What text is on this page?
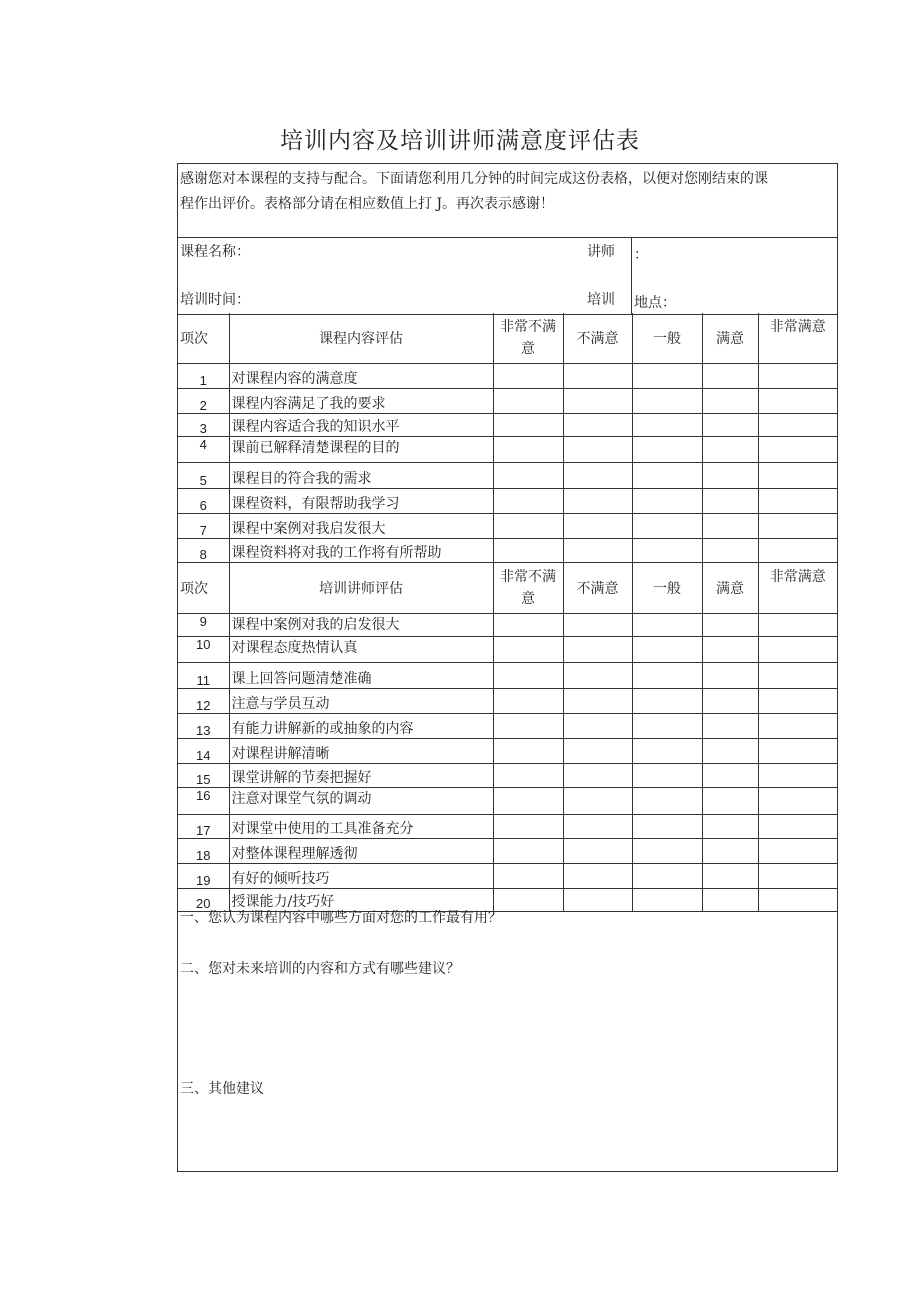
培训内容及培训讲师满意度评估表
感谢您对本课程的支持与配合。下面请您利用几分钟的时间完成这份表格，以便对您刚结束的课
程作出评价。表格部分请在相应数值上打 J。再次表示感谢！
课程名称：	讲师 ：
培训时间：	培训 地点：
项次	课程内容评估	非常不满意	不满意	一般	满意	非常满意
1	对课程内容的满意度					
2	课程内容满足了我的要求					
3	课程内容适合我的知识水平					
4	课前已解释清楚课程的目的					
5	课程目的符合我的需求					
6	课程资料，有限帮助我学习					
7	课程中案例对我启发很大					
8	课程资料将对我的工作将有所帮助					
项次	培训讲师评估	非常不满意	不满意	一般	满意	非常满意
9	课程中案例对我的启发很大					
10	对课程态度热情认真					
11	课上回答问题清楚准确					
12	注意与学员互动					
13	有能力讲解新的或抽象的内容					
14	对课程讲解清晰					
15	课堂讲解的节奏把握好					
16	注意对课堂气氛的调动					
17	对课堂中使用的工具准备充分					
18	对整体课程理解透彻					
19	有好的倾听技巧					
20	授课能力/技巧好					
一、您认为课程内容中哪些方面对您的工作最有用？
二、您对未来培训的内容和方式有哪些建议？
三、其他建议
